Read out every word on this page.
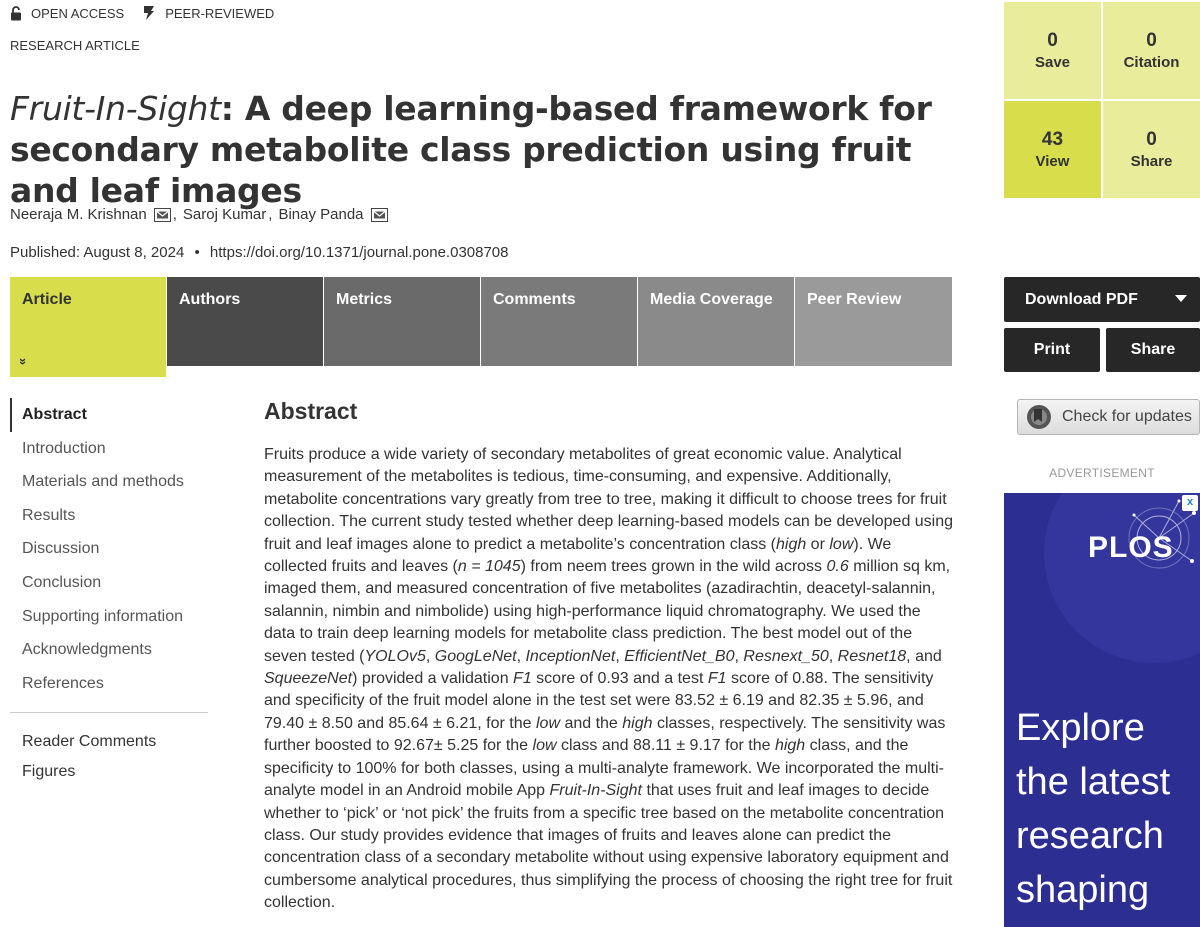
OPEN ACCESS	PEER-REVIEWED
RESEARCH ARTICLE
Fruit-In-Sight: A deep learning-based framework for secondary metabolite class prediction using fruit and leaf images
Neeraja M. Krishnan , Saroj Kumar , Binay Panda
Published: August 8, 2024 • https://doi.org/10.1371/journal.pone.0308708
Article
»
Authors	Metrics	Comments	Media Coverage	Peer Review
Abstract
Introduction
Materials and methods
Results
Discussion
Conclusion
Supporting information
Acknowledgments
References
Reader Comments
Figures
Abstract

Fruits produce a wide variety of secondary metabolites of great economic value. Analytical measurement of the metabolites is tedious, time-consuming, and expensive. Additionally, metabolite concentrations vary greatly from tree to tree, making it difficult to choose trees for fruit collection. The current study tested whether deep learning-based models can be developed using fruit and leaf images alone to predict a metabolite’s concentration class (high or low). We collected fruits and leaves (n = 1045) from neem trees grown in the wild across 0.6 million sq km, imaged them, and measured concentration of five metabolites (azadirachtin, deacetyl-salannin, salannin, nimbin and nimbolide) using high-performance liquid chromatography. We used the data to train deep learning models for metabolite class prediction. The best model out of the seven tested (YOLOv5, GoogLeNet, InceptionNet, EfficientNet_B0, Resnext_50, Resnet18, and SqueezeNet) provided a validation F1 score of 0.93 and a test F1 score of 0.88. The sensitivity and specificity of the fruit model alone in the test set were 83.52 ± 6.19 and 82.35 ± 5.96, and 79.40 ± 8.50 and 85.64 ± 6.21, for the low and the high classes, respectively. The sensitivity was further boosted to 92.67± 5.25 for the low class and 88.11 ± 9.17 for the high class, and the specificity to 100% for both classes, using a multi-analyte framework. We incorporated the multi-analyte model in an Android mobile App Fruit-In-Sight that uses fruit and leaf images to decide whether to ‘pick’ or ‘not pick’ the fruits from a specific tree based on the metabolite concentration class. Our study provides evidence that images of fruits and leaves alone can predict the concentration class of a secondary metabolite without using expensive laboratory equipment and cumbersome analytical procedures, thus simplifying the process of choosing the right tree for fruit collection.

0
Save
0
Citation
43
View
0
Share
Download PDF
Print	Share
Check for updates
ADVERTISEMENT
x
PLOS
Explore the latest research shaping
